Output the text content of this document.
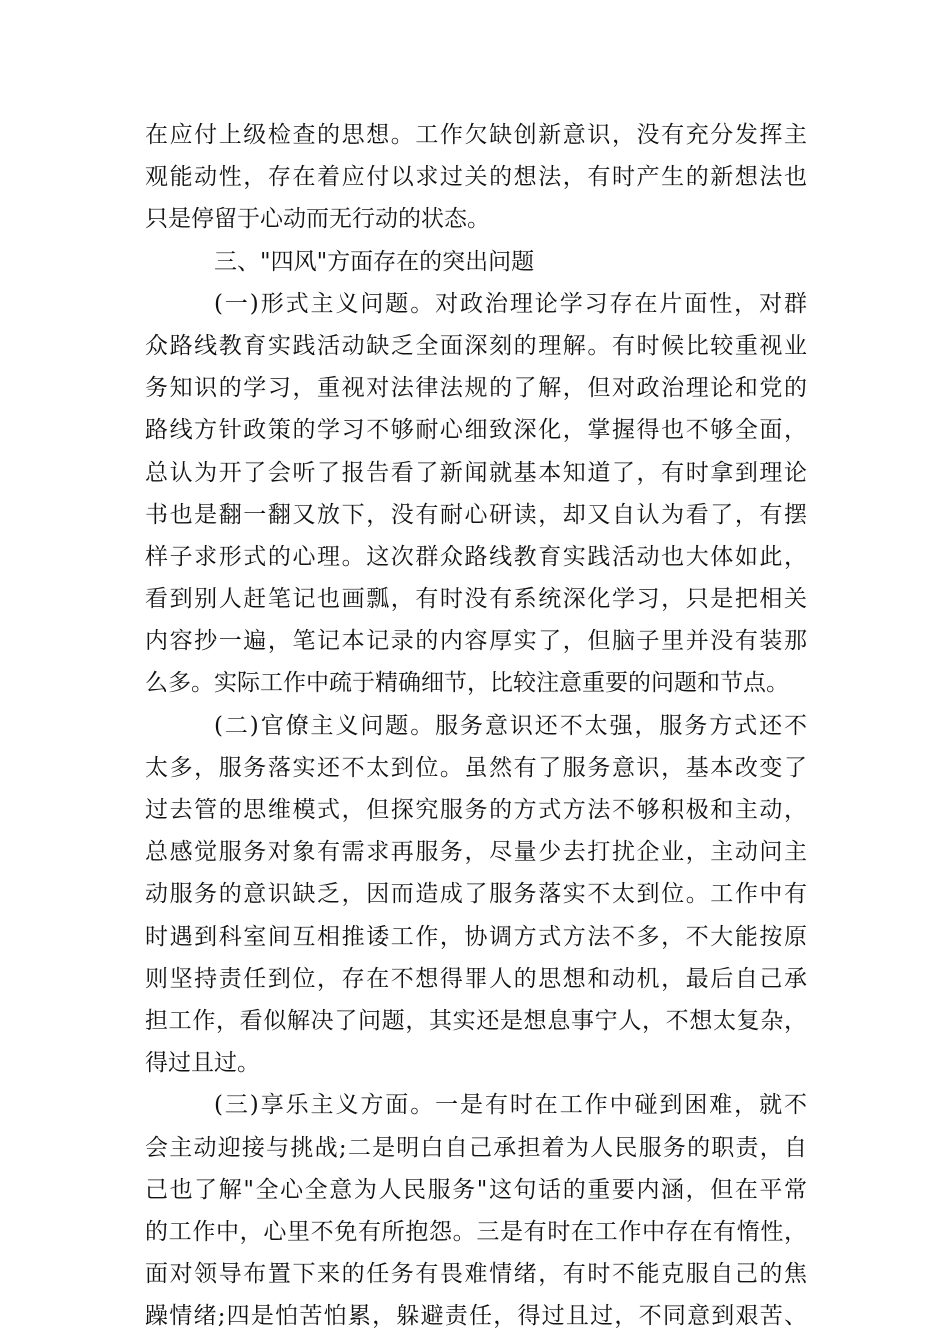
在应付上级检查的思想。工作欠缺创新意识，没有充分发挥主
观能动性，存在着应付以求过关的想法，有时产生的新想法也
只是停留于心动而无行动的状态。
三、"四风"方面存在的突出问题
(一)形式主义问题。对政治理论学习存在片面性，对群
众路线教育实践活动缺乏全面深刻的理解。有时候比较重视业
务知识的学习，重视对法律法规的了解，但对政治理论和党的
路线方针政策的学习不够耐心细致深化，掌握得也不够全面，
总认为开了会听了报告看了新闻就基本知道了，有时拿到理论
书也是翻一翻又放下，没有耐心研读，却又自认为看了，有摆
样子求形式的心理。这次群众路线教育实践活动也大体如此，
看到别人赶笔记也画瓢，有时没有系统深化学习，只是把相关
内容抄一遍，笔记本记录的内容厚实了，但脑子里并没有装那
么多。实际工作中疏于精确细节，比较注意重要的问题和节点。
(二)官僚主义问题。服务意识还不太强，服务方式还不
太多，服务落实还不太到位。虽然有了服务意识，基本改变了
过去管的思维模式，但探究服务的方式方法不够积极和主动，
总感觉服务对象有需求再服务，尽量少去打扰企业，主动问主
动服务的意识缺乏，因而造成了服务落实不太到位。工作中有
时遇到科室间互相推诿工作，协调方式方法不多，不大能按原
则坚持责任到位，存在不想得罪人的思想和动机，最后自己承
担工作，看似解决了问题，其实还是想息事宁人，不想太复杂，
得过且过。
(三)享乐主义方面。一是有时在工作中碰到困难，就不
会主动迎接与挑战;二是明白自己承担着为人民服务的职责，自
己也了解"全心全意为人民服务"这句话的重要内涵，但在平常
的工作中，心里不免有所抱怨。三是有时在工作中存在有惰性，
面对领导布置下来的任务有畏难情绪，有时不能克服自己的焦
躁情绪;四是怕苦怕累，躲避责任，得过且过，不同意到艰苦、
